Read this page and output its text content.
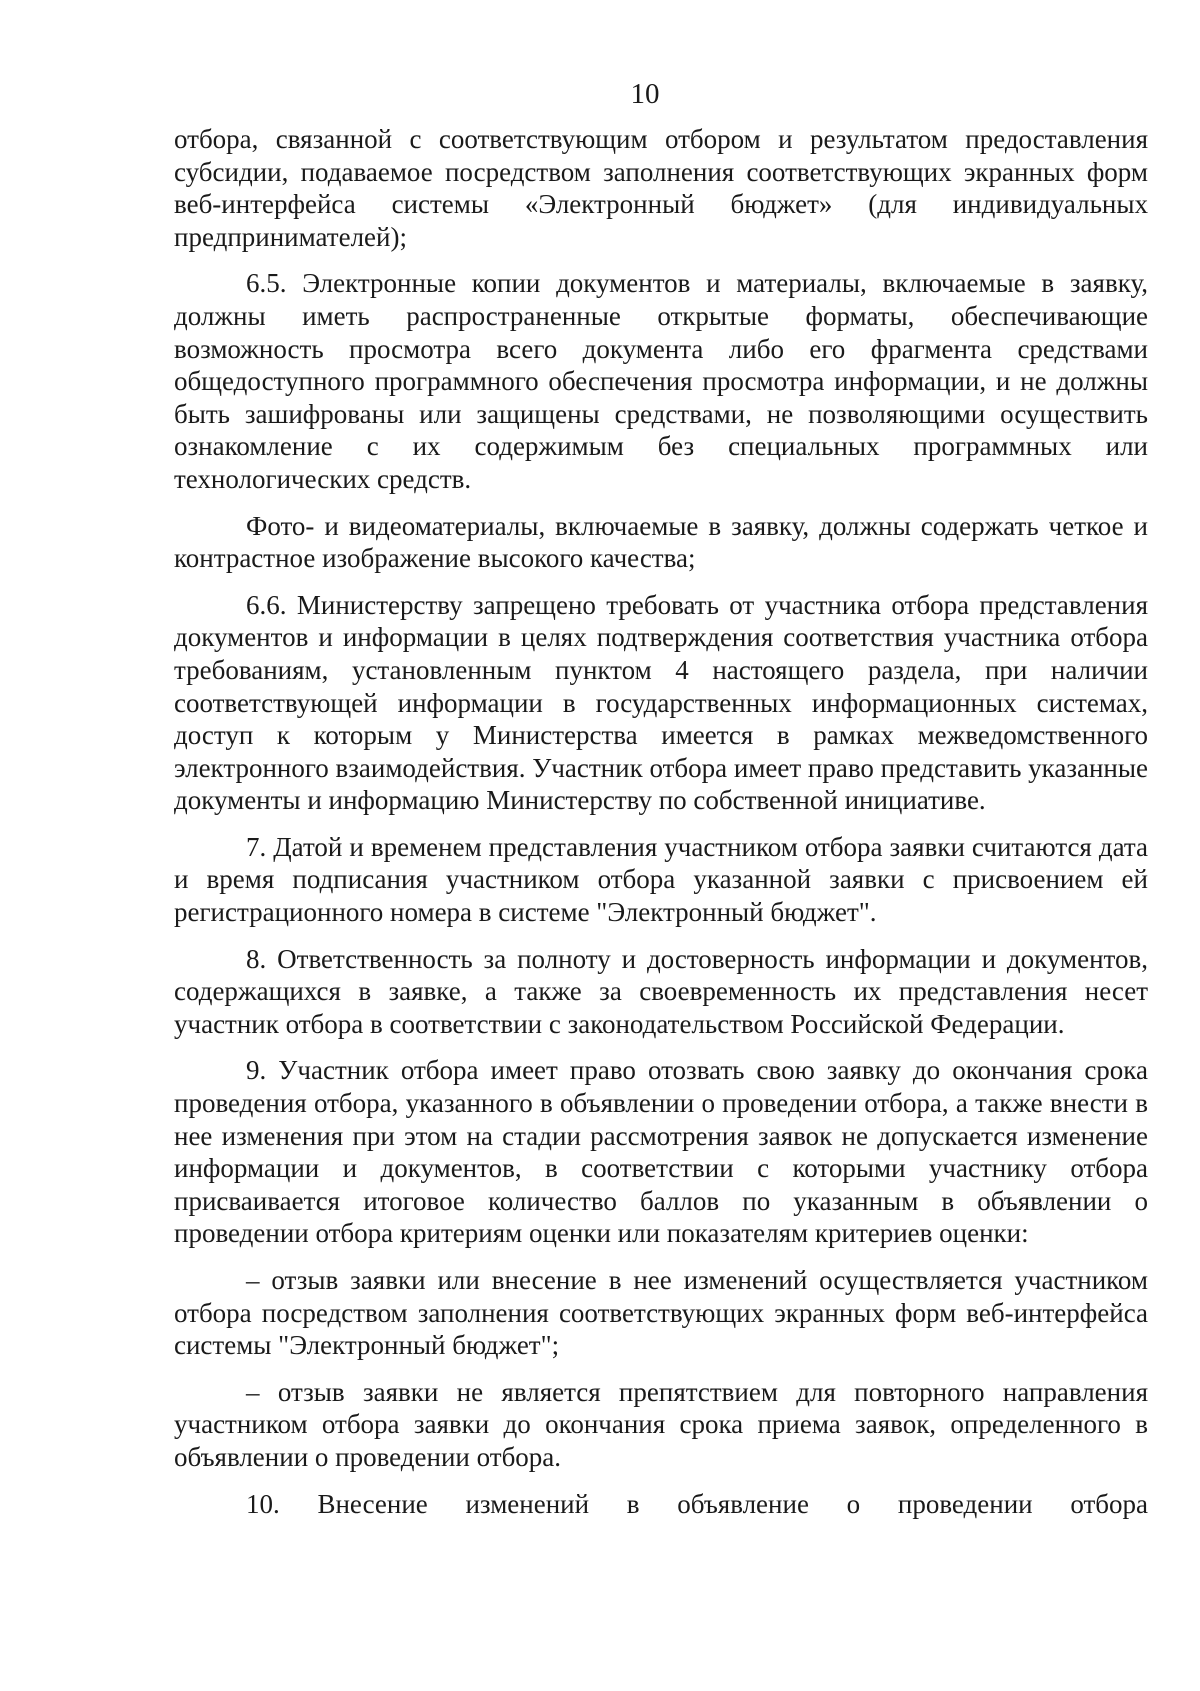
10

отбора, связанной с соответствующим отбором и результатом предоставления субсидии, подаваемое посредством заполнения соответствующих экранных форм веб-интерфейса системы «Электронный бюджет» (для индивидуальных предпринимателей);

6.5. Электронные копии документов и материалы, включаемые в заявку, должны иметь распространенные открытые форматы, обеспечивающие возможность просмотра всего документа либо его фрагмента средствами общедоступного программного обеспечения просмотра информации, и не должны быть зашифрованы или защищены средствами, не позволяющими осуществить ознакомление с их содержимым без специальных программных или технологических средств.

Фото- и видеоматериалы, включаемые в заявку, должны содержать четкое и контрастное изображение высокого качества;

6.6. Министерству запрещено требовать от участника отбора представления документов и информации в целях подтверждения соответствия участника отбора требованиям, установленным пунктом 4 настоящего раздела, при наличии соответствующей информации в государственных информационных системах, доступ к которым у Министерства имеется в рамках межведомственного электронного взаимодействия. Участник отбора имеет право представить указанные документы и информацию Министерству по собственной инициативе.

7. Датой и временем представления участником отбора заявки считаются дата и время подписания участником отбора указанной заявки с присвоением ей регистрационного номера в системе "Электронный бюджет".

8. Ответственность за полноту и достоверность информации и документов, содержащихся в заявке, а также за своевременность их представления несет участник отбора в соответствии с законодательством Российской Федерации.

9. Участник отбора имеет право отозвать свою заявку до окончания срока проведения отбора, указанного в объявлении о проведении отбора, а также внести в нее изменения при этом на стадии рассмотрения заявок не допускается изменение информации и документов, в соответствии с которыми участнику отбора присваивается итоговое количество баллов по указанным в объявлении о проведении отбора критериям оценки или показателям критериев оценки:

– отзыв заявки или внесение в нее изменений осуществляется участником отбора посредством заполнения соответствующих экранных форм веб-интерфейса системы "Электронный бюджет";

– отзыв заявки не является препятствием для повторного направления участником отбора заявки до окончания срока приема заявок, определенного в объявлении о проведении отбора.

10. Внесение изменений в объявление о проведении отбора
